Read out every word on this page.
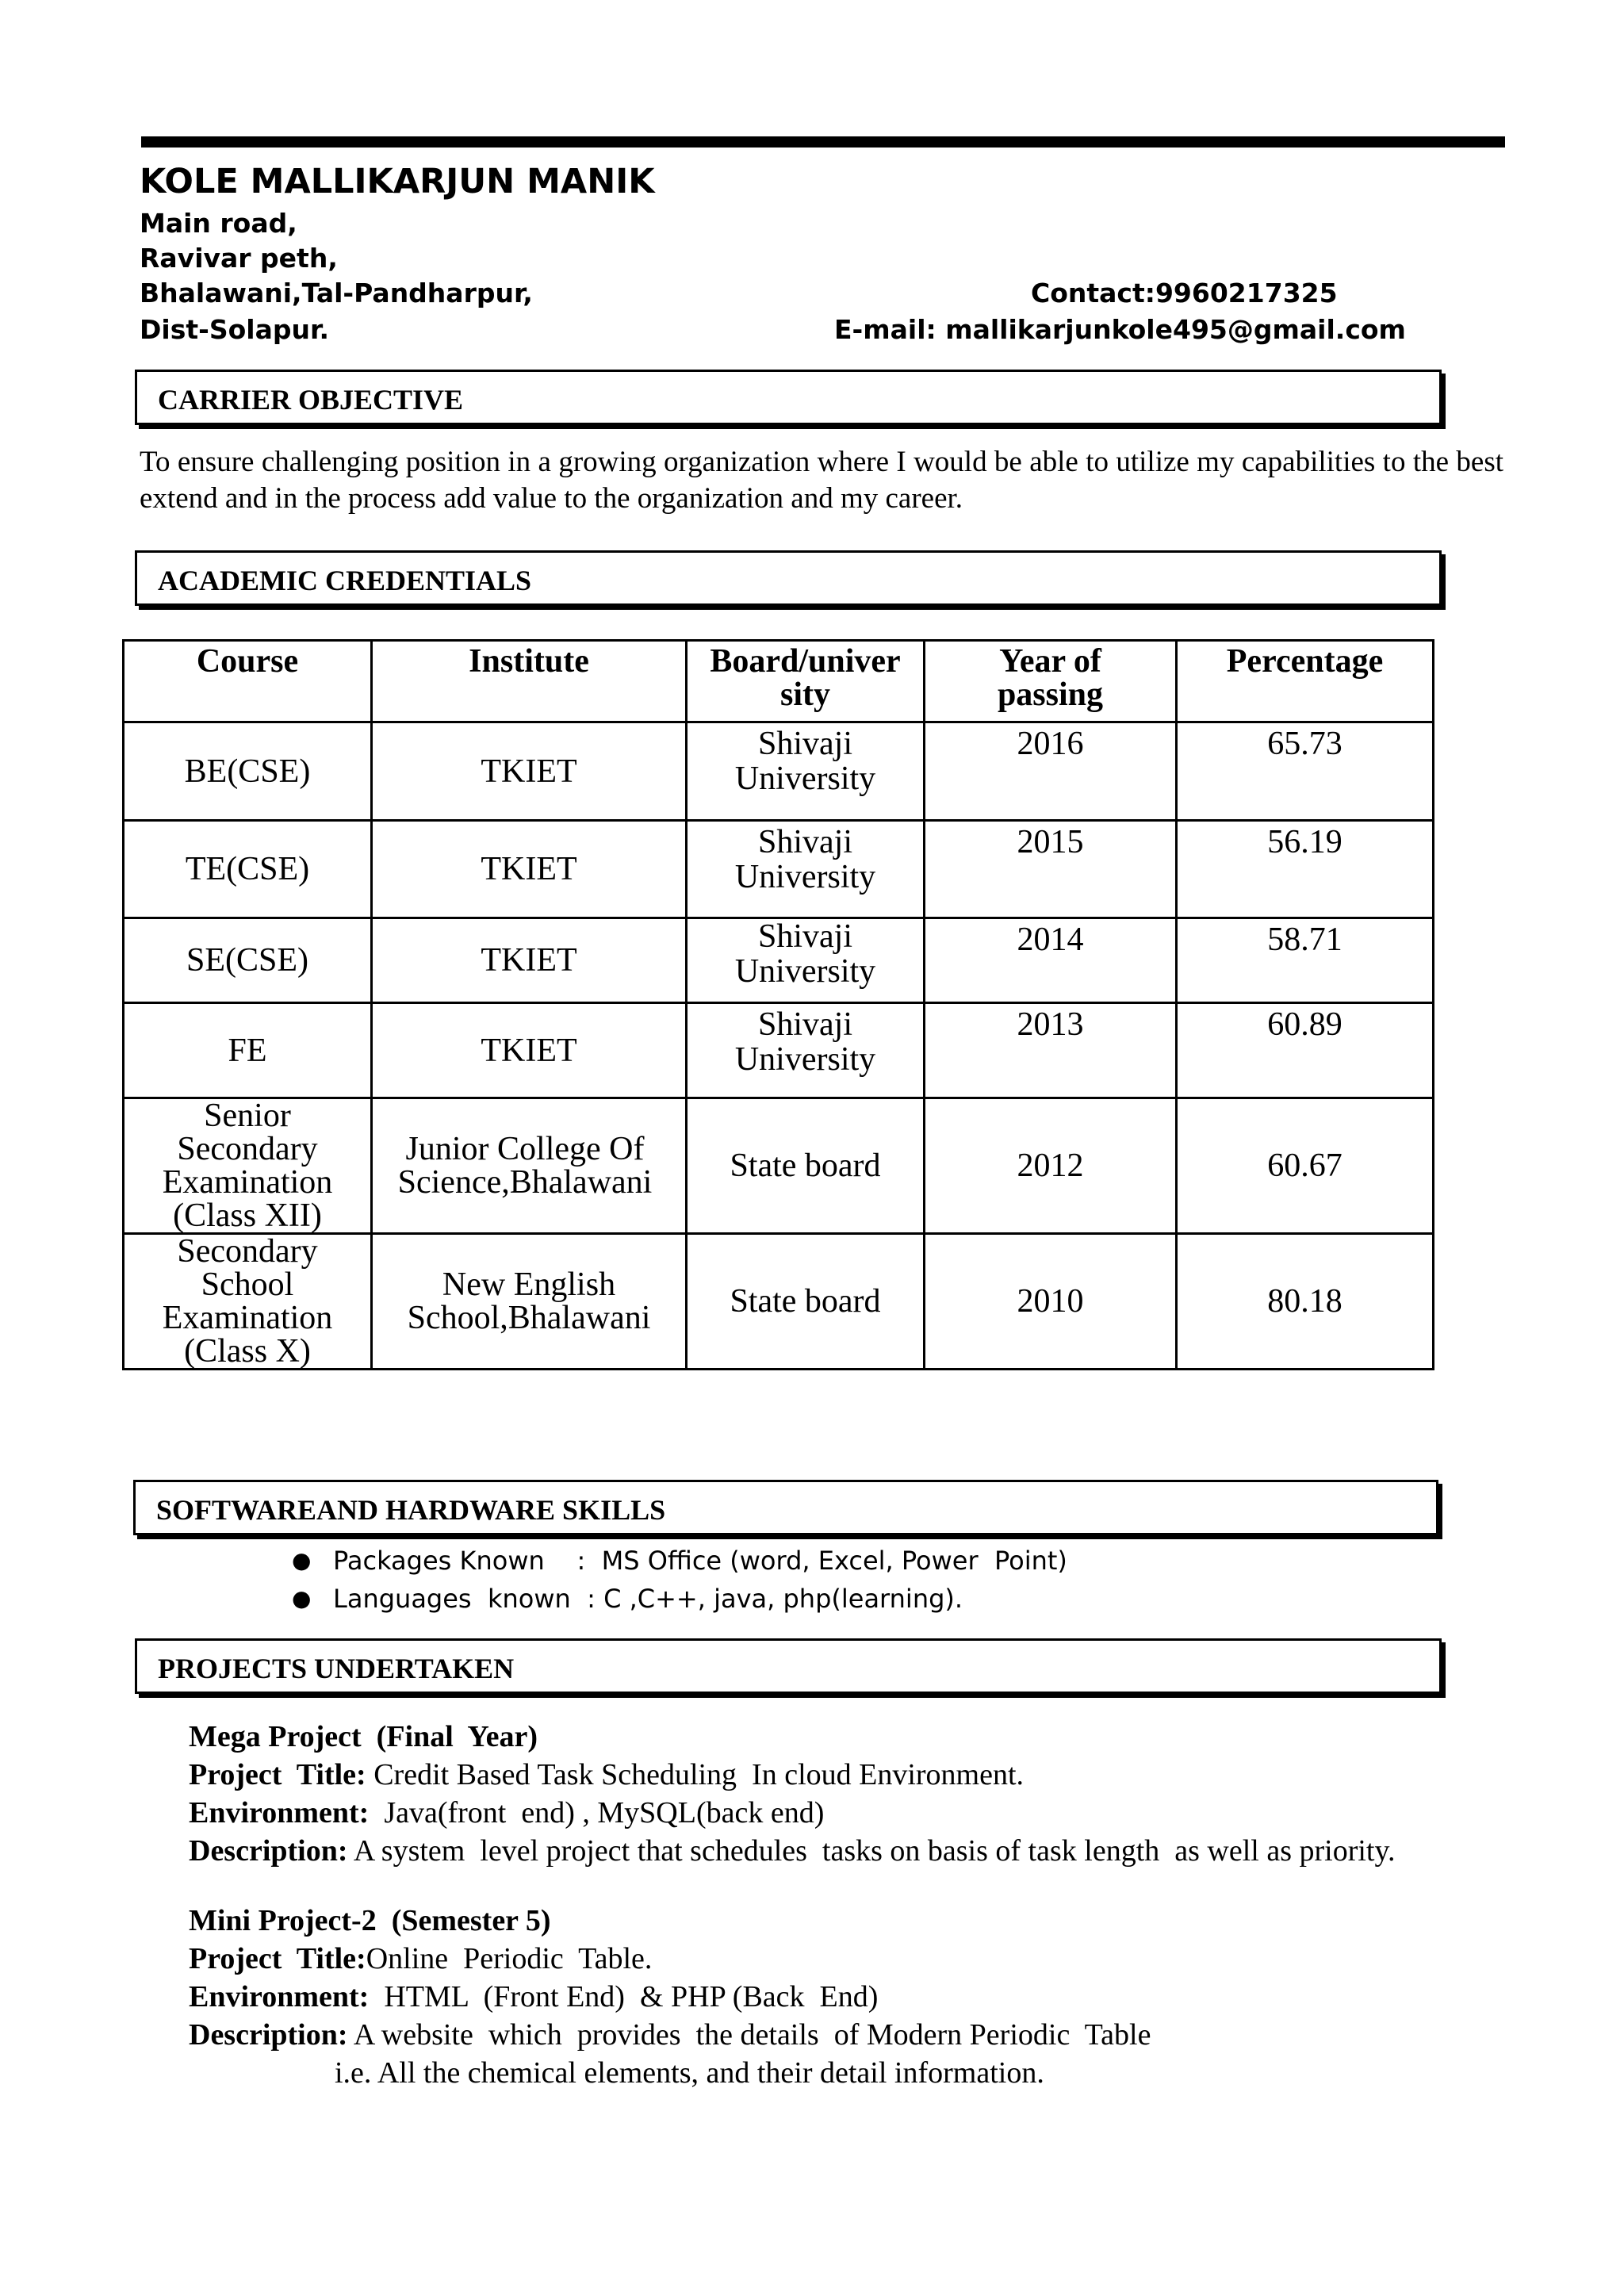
KOLE MALLIKARJUN MANIK
Main road,
Ravivar peth,
Bhalawani,Tal-Pandharpur,
Dist-Solapur.
Contact:9960217325
E-mail: mallikarjunkole495@gmail.com
CARRIER OBJECTIVE
To ensure challenging position in a growing organization where I would be able to utilize my capabilities to the best extend and in the process add value to the organization and my career.
ACADEMIC CREDENTIALS
Course	Institute	Board/univer sity	Year of passing	Percentage
BE(CSE)	TKIET	Shivaji University	2016	65.73
TE(CSE)	TKIET	Shivaji University	2015	56.19
SE(CSE)	TKIET	Shivaji University	2014	58.71
FE	TKIET	Shivaji University	2013	60.89
Senior Secondary Examination (Class XII)	Junior College Of Science,Bhalawani	State board	2012	60.67
Secondary School Examination (Class X)	New English School,Bhalawani	State board	2010	80.18
SOFTWAREAND HARDWARE SKILLS
● Packages Known    :  MS Office (word, Excel, Power  Point)
● Languages  known  : C ,C++, java, php(learning).
PROJECTS UNDERTAKEN
Mega Project  (Final  Year)
Project  Title: Credit Based Task Scheduling  In cloud Environment.
Environment:  Java(front  end) , MySQL(back end)
Description: A system  level project that schedules  tasks on basis of task length  as well as priority.
Mini Project-2  (Semester 5)
Project  Title:Online  Periodic  Table.
Environment:  HTML  (Front End)  & PHP (Back  End)
Description: A website  which  provides  the details  of Modern Periodic  Table
i.e. All the chemical elements, and their detail information.
